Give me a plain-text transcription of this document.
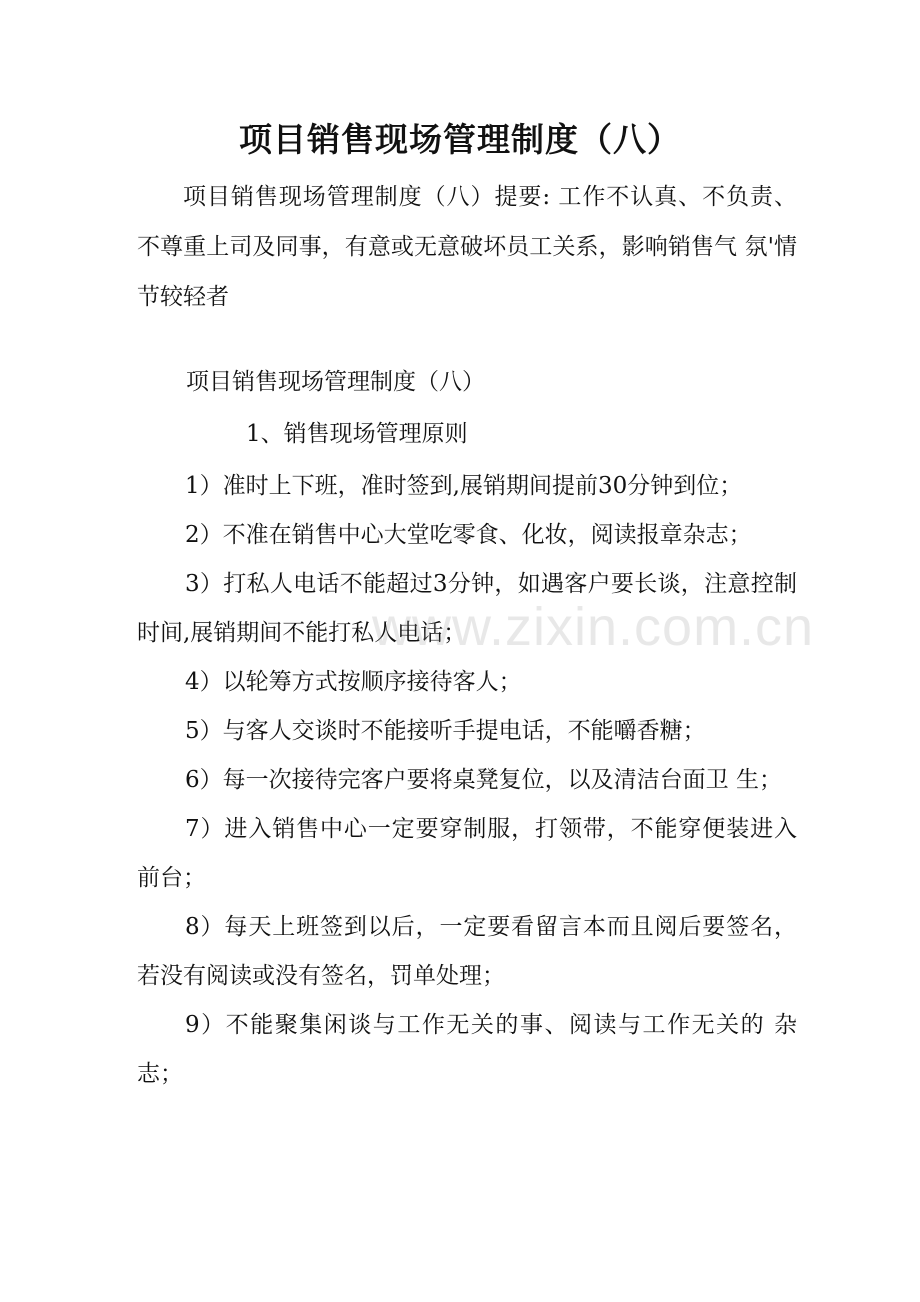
项目销售现场管理制度（八）
项目销售现场管理制度（八）提要: 工作不认真、不负责、 不尊重上司及同事，有意或无意破坏员工关系，影响销售气 氛'情节较轻者
项目销售现场管理制度（八）
1、销售现场管理原则
1）准时上下班，准时签到,展销期间提前30分钟到位；
2）不准在销售中心大堂吃零食、化妆，阅读报章杂志；
3）打私人电话不能超过3分钟，如遇客户要长谈，注意控制时间,展销期间不能打私人电话；
4）以轮筹方式按顺序接待客人；
5）与客人交谈时不能接听手提电话，不能嚼香糖；
6）每一次接待完客户要将桌凳复位，以及清洁台面卫 生；
7）进入销售中心一定要穿制服，打领带，不能穿便装进入 前台；
8）每天上班签到以后，一定要看留言本而且阅后要签名，若没有阅读或没有签名，罚单处理；
9）不能聚集闲谈与工作无关的事、阅读与工作无关的 杂志；
www.zixin.com.cn
